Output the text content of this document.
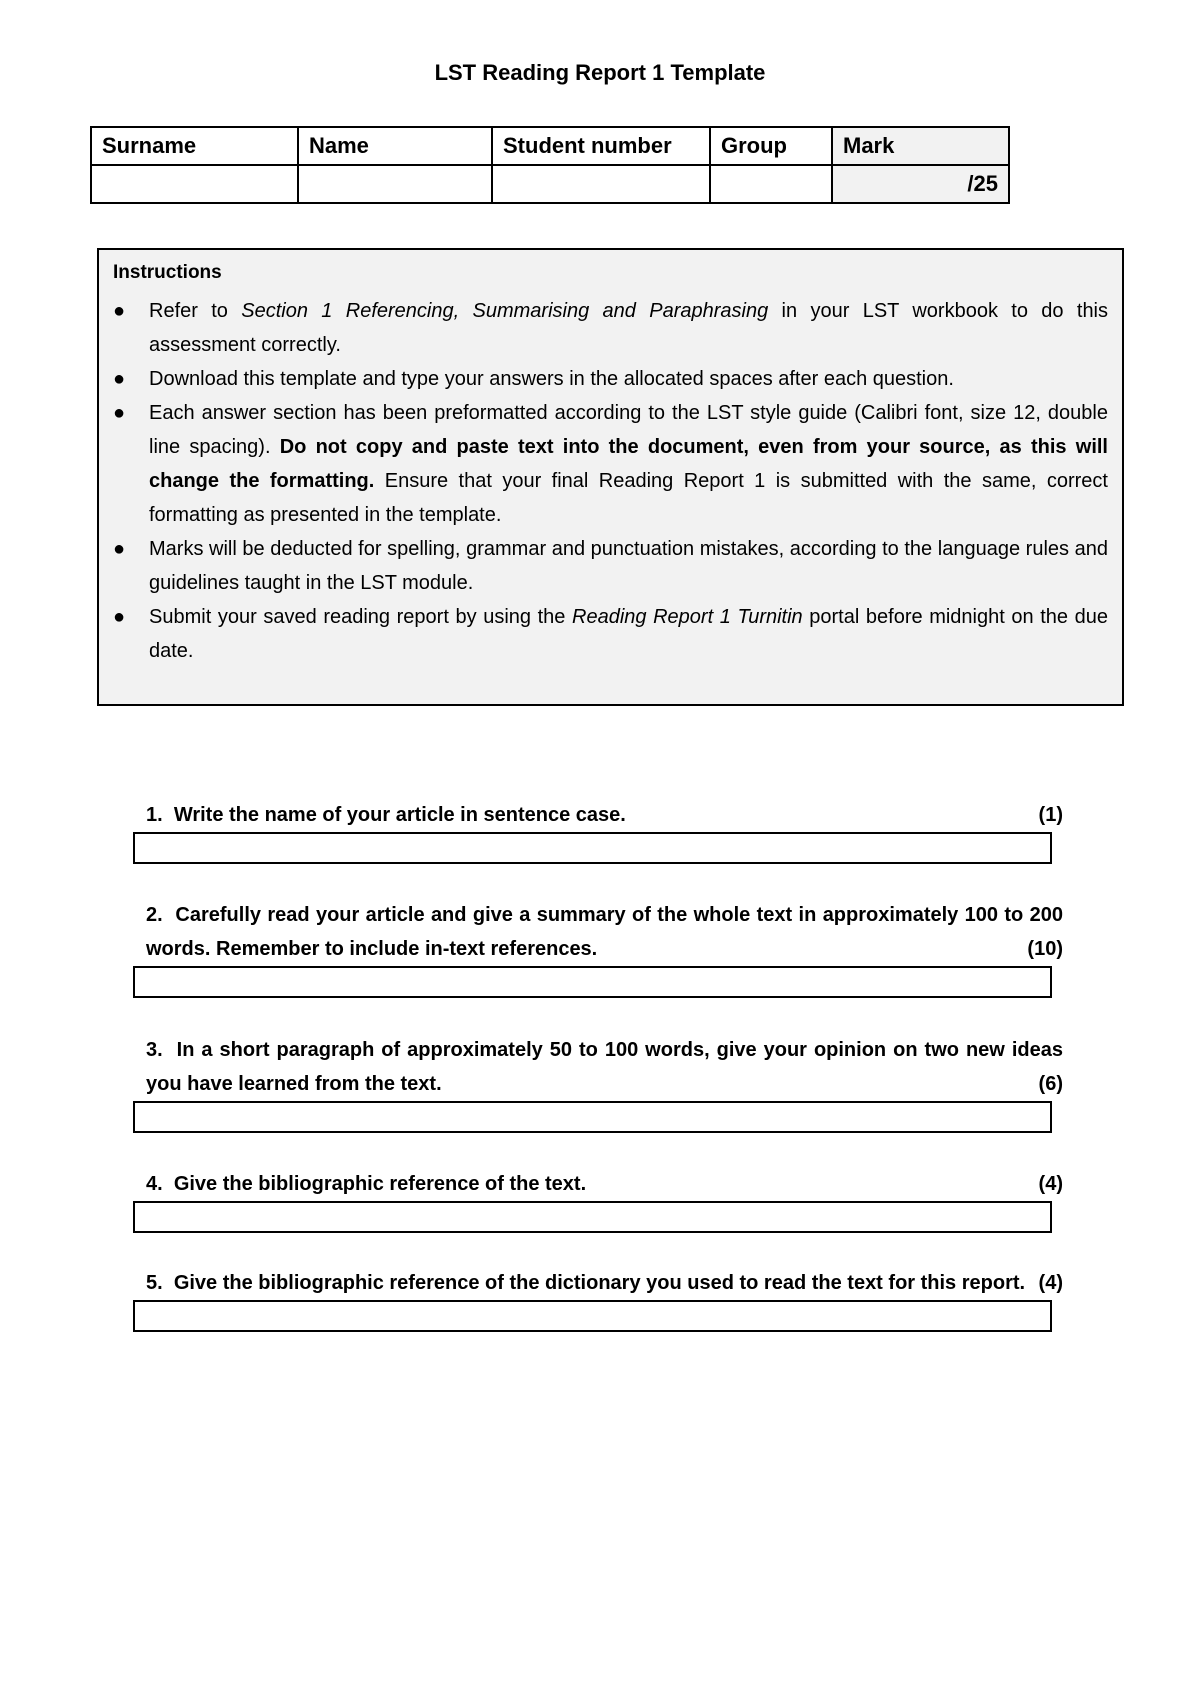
LST Reading Report 1 Template
Surname	Name	Student number	Group	Mark
				/25
Instructions
● Refer to Section 1 Referencing, Summarising and Paraphrasing in your LST workbook to do this assessment correctly.
● Download this template and type your answers in the allocated spaces after each question.
● Each answer section has been preformatted according to the LST style guide (Calibri font, size 12, double line spacing). Do not copy and paste text into the document, even from your source, as this will change the formatting. Ensure that your final Reading Report 1 is submitted with the same, correct formatting as presented in the template.
● Marks will be deducted for spelling, grammar and punctuation mistakes, according to the language rules and guidelines taught in the LST module.
● Submit your saved reading report by using the Reading Report 1 Turnitin portal before midnight on the due date.
1. Write the name of your article in sentence case.	(1)
2. Carefully read your article and give a summary of the whole text in approximately 100 to 200 words. Remember to include in-text references.	(10)
3. In a short paragraph of approximately 50 to 100 words, give your opinion on two new ideas you have learned from the text.	(6)
4. Give the bibliographic reference of the text.	(4)
5. Give the bibliographic reference of the dictionary you used to read the text for this report. (4)
